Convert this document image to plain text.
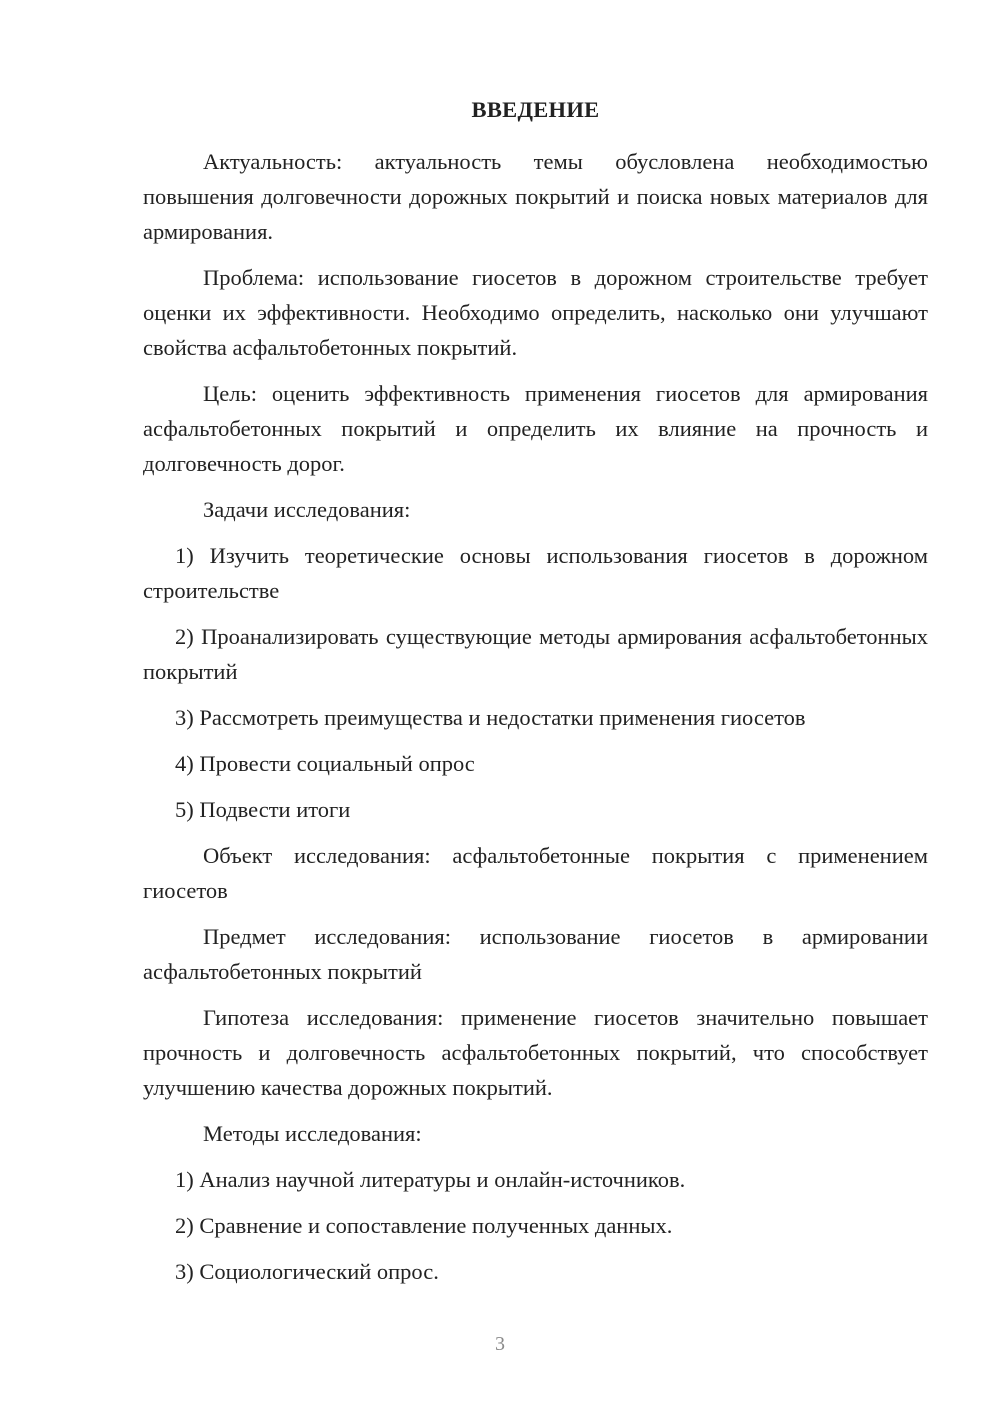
ВВЕДЕНИЕ

Актуальность: актуальность темы обусловлена необходимостью повышения долговечности дорожных покрытий и поиска новых материалов для армирования.

Проблема: использование гиосетов в дорожном строительстве требует оценки их эффективности. Необходимо определить, насколько они улучшают свойства асфальтобетонных покрытий.

Цель: оценить эффективность применения гиосетов для армирования асфальтобетонных покрытий и определить их влияние на прочность и долговечность дорог.

Задачи исследования:

1) Изучить теоретические основы использования гиосетов в дорожном строительстве

2) Проанализировать существующие методы армирования асфальтобетонных покрытий

3) Рассмотреть преимущества и недостатки применения гиосетов

4) Провести социальный опрос

5) Подвести итоги

Объект исследования: асфальтобетонные покрытия с применением гиосетов

Предмет исследования: использование гиосетов в армировании асфальтобетонных покрытий

Гипотеза исследования: применение гиосетов значительно повышает прочность и долговечность асфальтобетонных покрытий, что способствует улучшению качества дорожных покрытий.

Методы исследования:

1) Анализ научной литературы и онлайн-источников.

2) Сравнение и сопоставление полученных данных.

3) Социологический опрос.

3
